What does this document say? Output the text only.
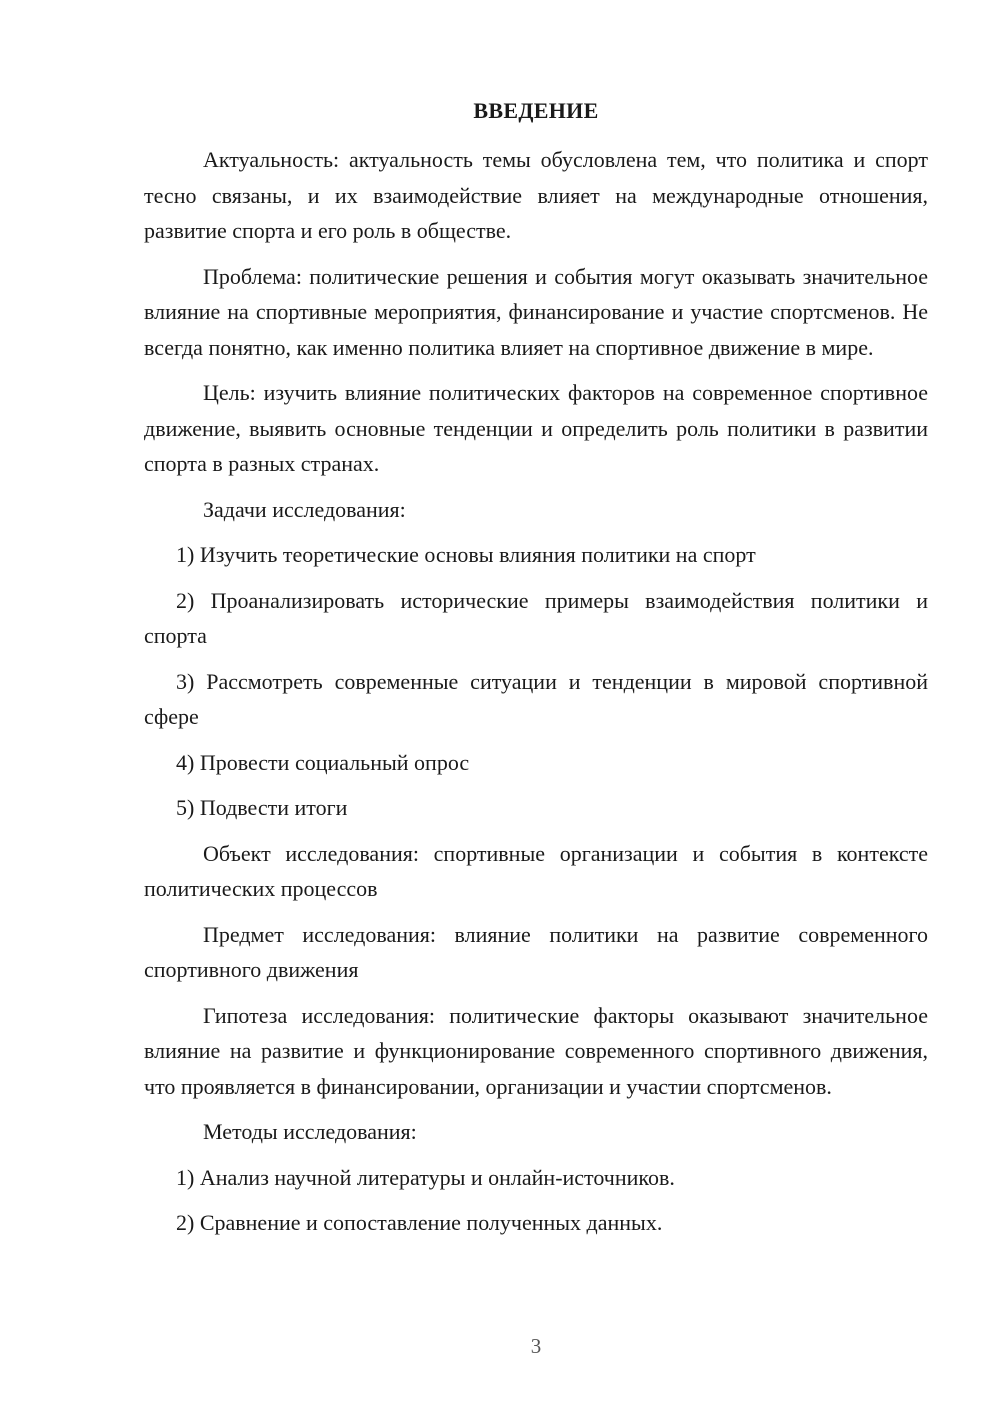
ВВЕДЕНИЕ

Актуальность: актуальность темы обусловлена тем, что политика и спорт тесно связаны, и их взаимодействие влияет на международные отношения, развитие спорта и его роль в обществе.

Проблема: политические решения и события могут оказывать значительное влияние на спортивные мероприятия, финансирование и участие спортсменов. Не всегда понятно, как именно политика влияет на спортивное движение в мире.

Цель: изучить влияние политических факторов на современное спортивное движение, выявить основные тенденции и определить роль политики в развитии спорта в разных странах.

Задачи исследования:

1) Изучить теоретические основы влияния политики на спорт

2) Проанализировать исторические примеры взаимодействия политики и спорта

3) Рассмотреть современные ситуации и тенденции в мировой спортивной сфере

4) Провести социальный опрос

5) Подвести итоги

Объект исследования: спортивные организации и события в контексте политических процессов

Предмет исследования: влияние политики на развитие современного спортивного движения

Гипотеза исследования: политические факторы оказывают значительное влияние на развитие и функционирование современного спортивного движения, что проявляется в финансировании, организации и участии спортсменов.

Методы исследования:

1) Анализ научной литературы и онлайн-источников.

2) Сравнение и сопоставление полученных данных.

3
